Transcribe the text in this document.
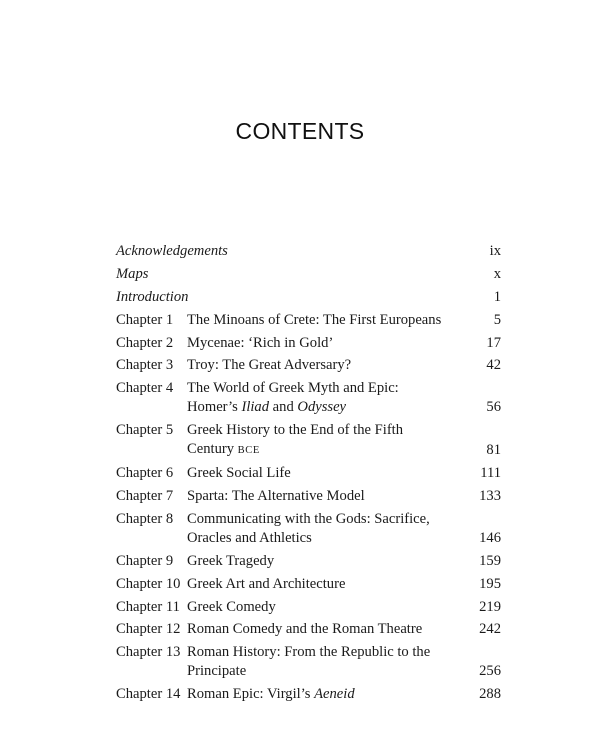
CONTENTS
Acknowledgements	ix
Maps	x
Introduction	1
Chapter 1 The Minoans of Crete: The First Europeans	5
Chapter 2 Mycenae: ‘Rich in Gold’	17
Chapter 3 Troy: The Great Adversary?	42
Chapter 4 The World of Greek Myth and Epic:
Homer’s Iliad and Odyssey	56
Chapter 5 Greek History to the End of the Fifth
Century BCE	81
Chapter 6 Greek Social Life	111
Chapter 7 Sparta: The Alternative Model	133
Chapter 8 Communicating with the Gods: Sacrifice,
Oracles and Athletics	146
Chapter 9 Greek Tragedy	159
Chapter 10 Greek Art and Architecture	195
Chapter 11 Greek Comedy	219
Chapter 12 Roman Comedy and the Roman Theatre	242
Chapter 13 Roman History: From the Republic to the
Principate	256
Chapter 14 Roman Epic: Virgil’s Aeneid	288
